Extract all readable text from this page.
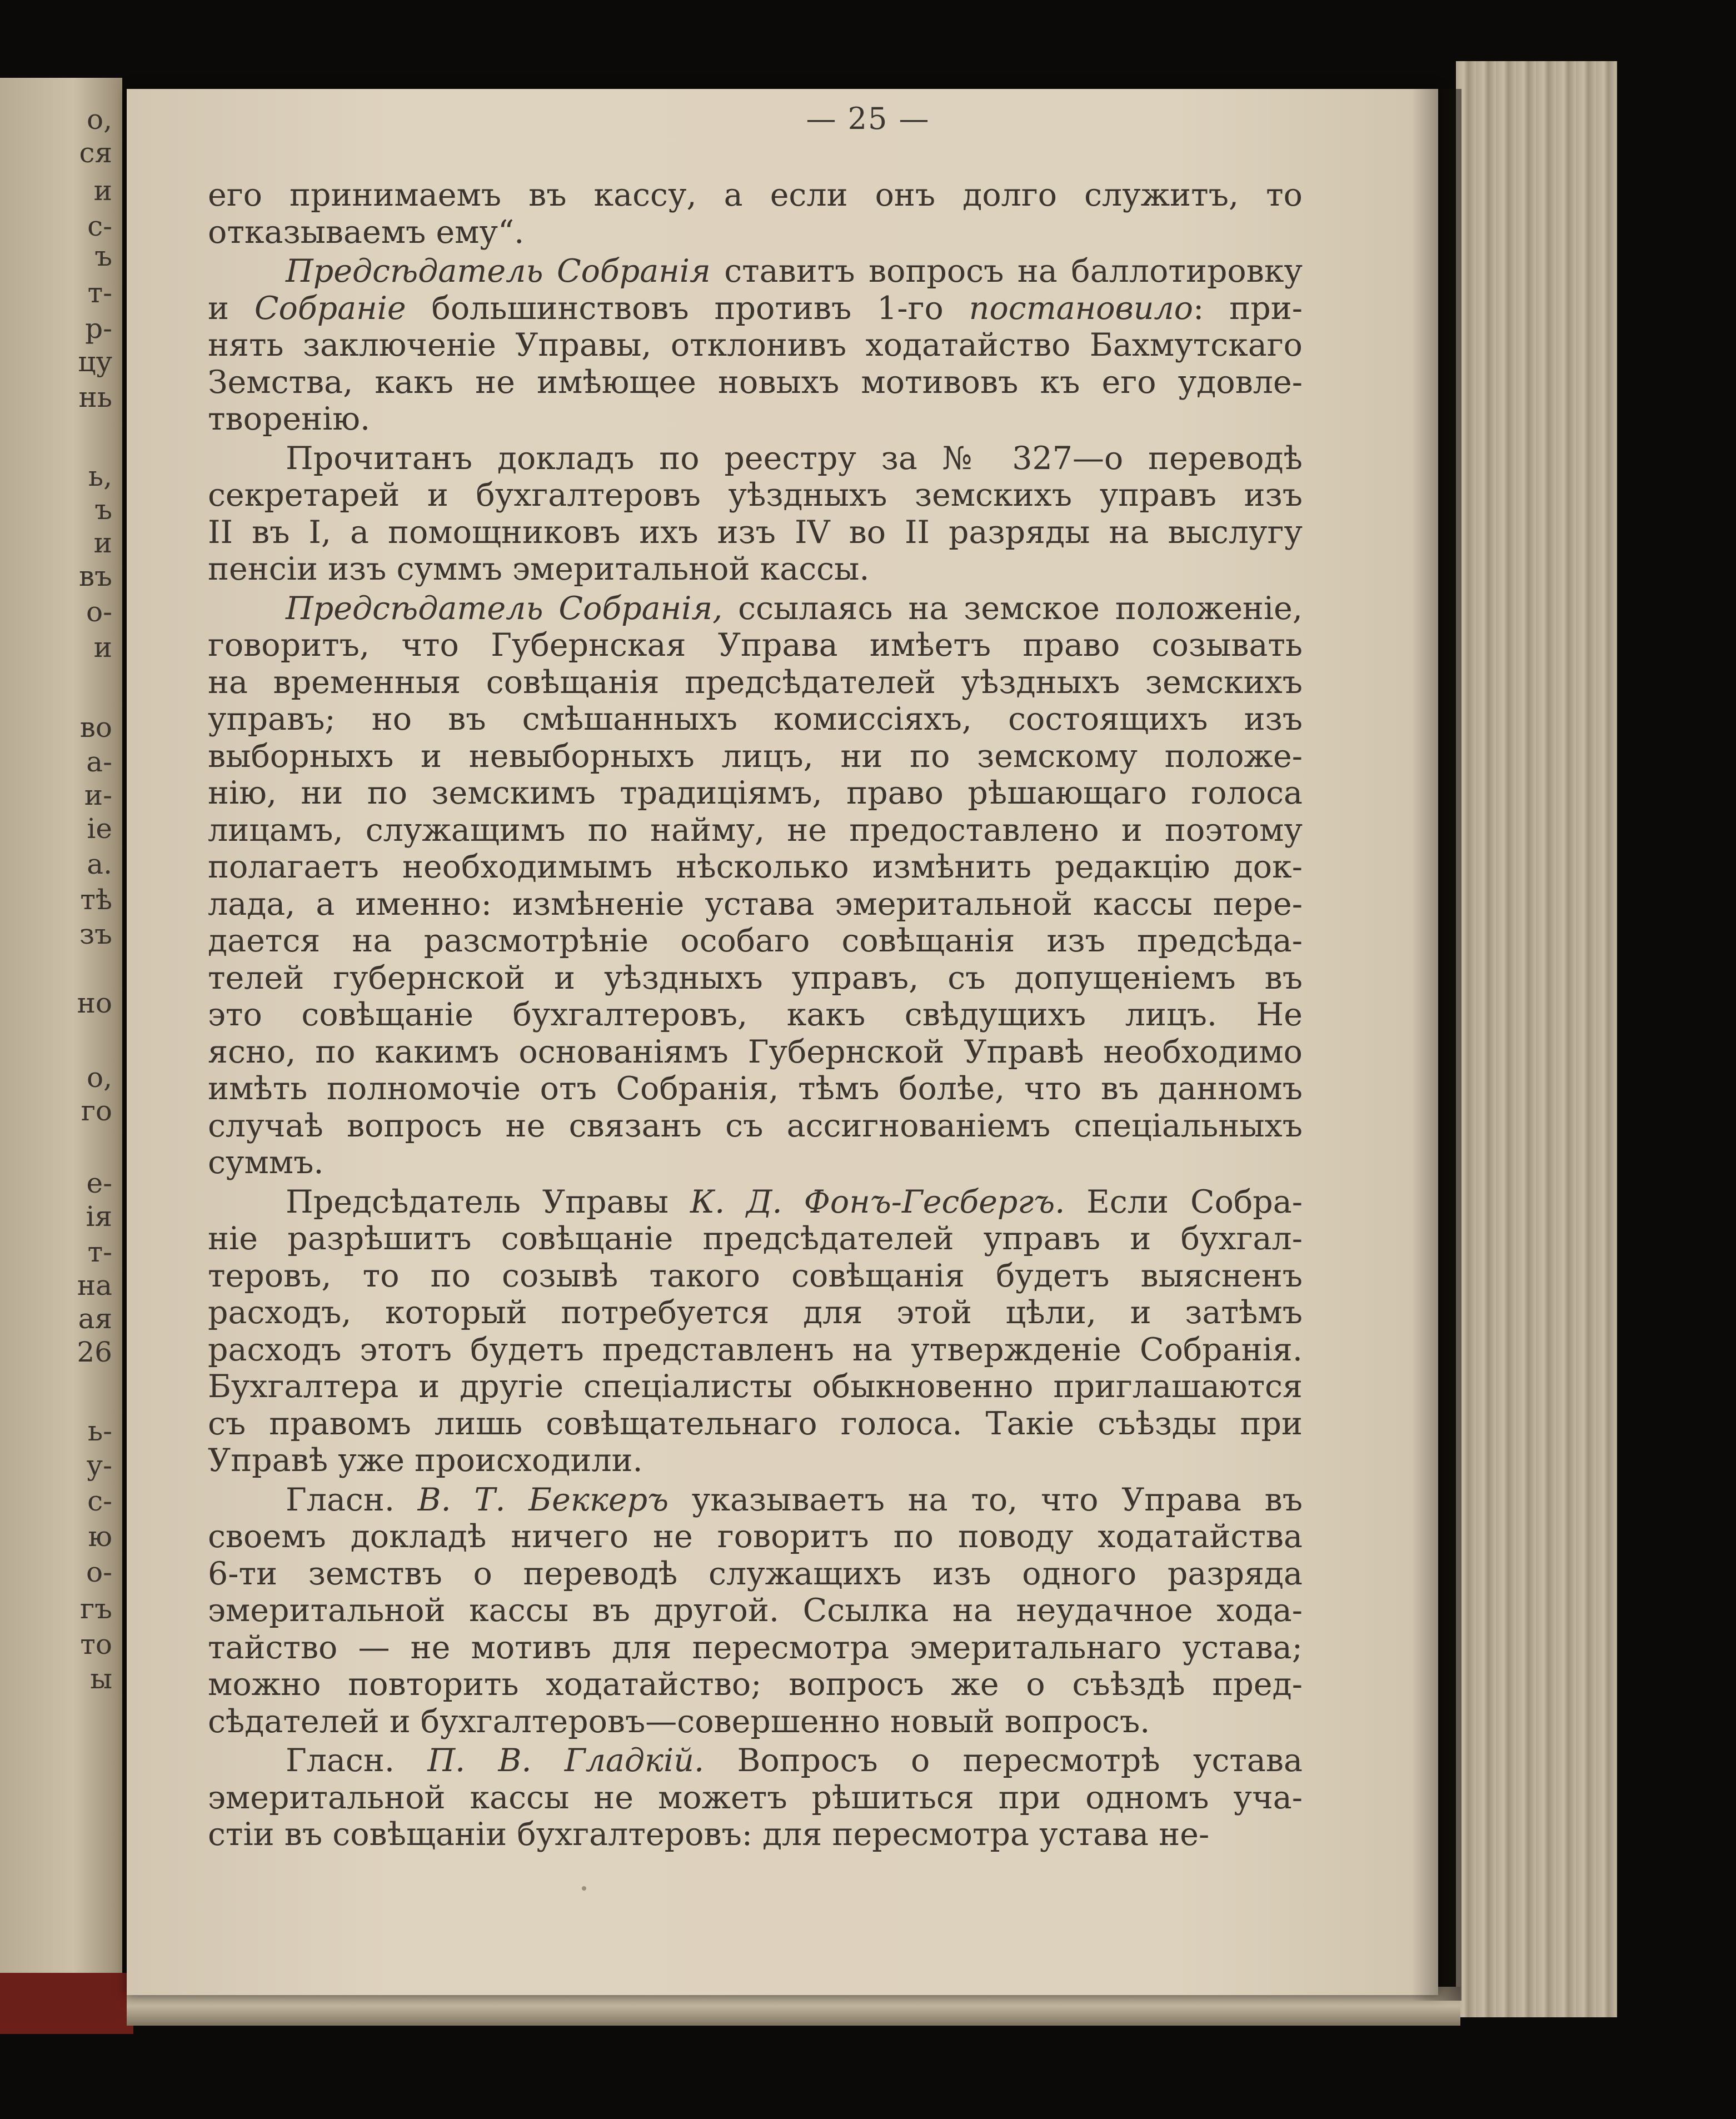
о,
ся
и
с-
ъ
т-
р-
цу
нь
ь,
ъ
и
въ
о-
и
во
а-
и-
іе
а.
тѣ
зъ
но
о,
го
е-
ія
т-
на
ая
26
ь-
у-
с-
ю
о-
гъ
то
ы
— 25 —
его принимаемъ въ кассу, а если онъ долго служитъ, то
отказываемъ ему“.
Предсѣдатель Собранія ставитъ вопросъ на баллотировку
и Собраніе большинствовъ противъ 1-го постановило: при-
нять заключеніе Управы, отклонивъ ходатайство Бахмутскаго
Земства, какъ не имѣющее новыхъ мотивовъ къ его удовле-
творенію.
Прочитанъ докладъ по реестру за № 327—о переводѣ
секретарей и бухгалтеровъ уѣздныхъ земскихъ управъ изъ
II въ I, а помощниковъ ихъ изъ IV во II разряды на выслугу
пенсіи изъ суммъ эмеритальной кассы.
Предсѣдатель Собранія, ссылаясь на земское положеніе,
говоритъ, что Губернская Управа имѣетъ право созывать
на временныя совѣщанія предсѣдателей уѣздныхъ земскихъ
управъ; но въ смѣшанныхъ комиссіяхъ, состоящихъ изъ
выборныхъ и невыборныхъ лицъ, ни по земскому положе-
нію, ни по земскимъ традиціямъ, право рѣшающаго голоса
лицамъ, служащимъ по найму, не предоставлено и поэтому
полагаетъ необходимымъ нѣсколько измѣнить редакцію док-
лада, а именно: измѣненіе устава эмеритальной кассы пере-
дается на разсмотрѣніе особаго совѣщанія изъ предсѣда-
телей губернской и уѣздныхъ управъ, съ допущеніемъ въ
это совѣщаніе бухгалтеровъ, какъ свѣдущихъ лицъ. Не
ясно, по какимъ основаніямъ Губернской Управѣ необходимо
имѣть полномочіе отъ Собранія, тѣмъ болѣе, что въ данномъ
случаѣ вопросъ не связанъ съ ассигнованіемъ спеціальныхъ
суммъ.
Предсѣдатель Управы К. Д. Фонъ-Гесбергъ. Если Собра-
ніе разрѣшитъ совѣщаніе предсѣдателей управъ и бухгал-
теровъ, то по созывѣ такого совѣщанія будетъ выясненъ
расходъ, который потребуется для этой цѣли, и затѣмъ
расходъ этотъ будетъ представленъ на утвержденіе Собранія.
Бухгалтера и другіе спеціалисты обыкновенно приглашаются
съ правомъ лишь совѣщательнаго голоса. Такіе съѣзды при
Управѣ уже происходили.
Гласн. В. Т. Беккеръ указываетъ на то, что Управа въ
своемъ докладѣ ничего не говоритъ по поводу ходатайства
6-ти земствъ о переводѣ служащихъ изъ одного разряда
эмеритальной кассы въ другой. Ссылка на неудачное хода-
тайство — не мотивъ для пересмотра эмеритальнаго устава;
можно повторить ходатайство; вопросъ же о съѣздѣ пред-
сѣдателей и бухгалтеровъ—совершенно новый вопросъ.
Гласн. П. В. Гладкій. Вопросъ о пересмотрѣ устава
эмеритальной кассы не можетъ рѣшиться при одномъ уча-
стіи въ совѣщаніи бухгалтеровъ: для пересмотра устава не-
